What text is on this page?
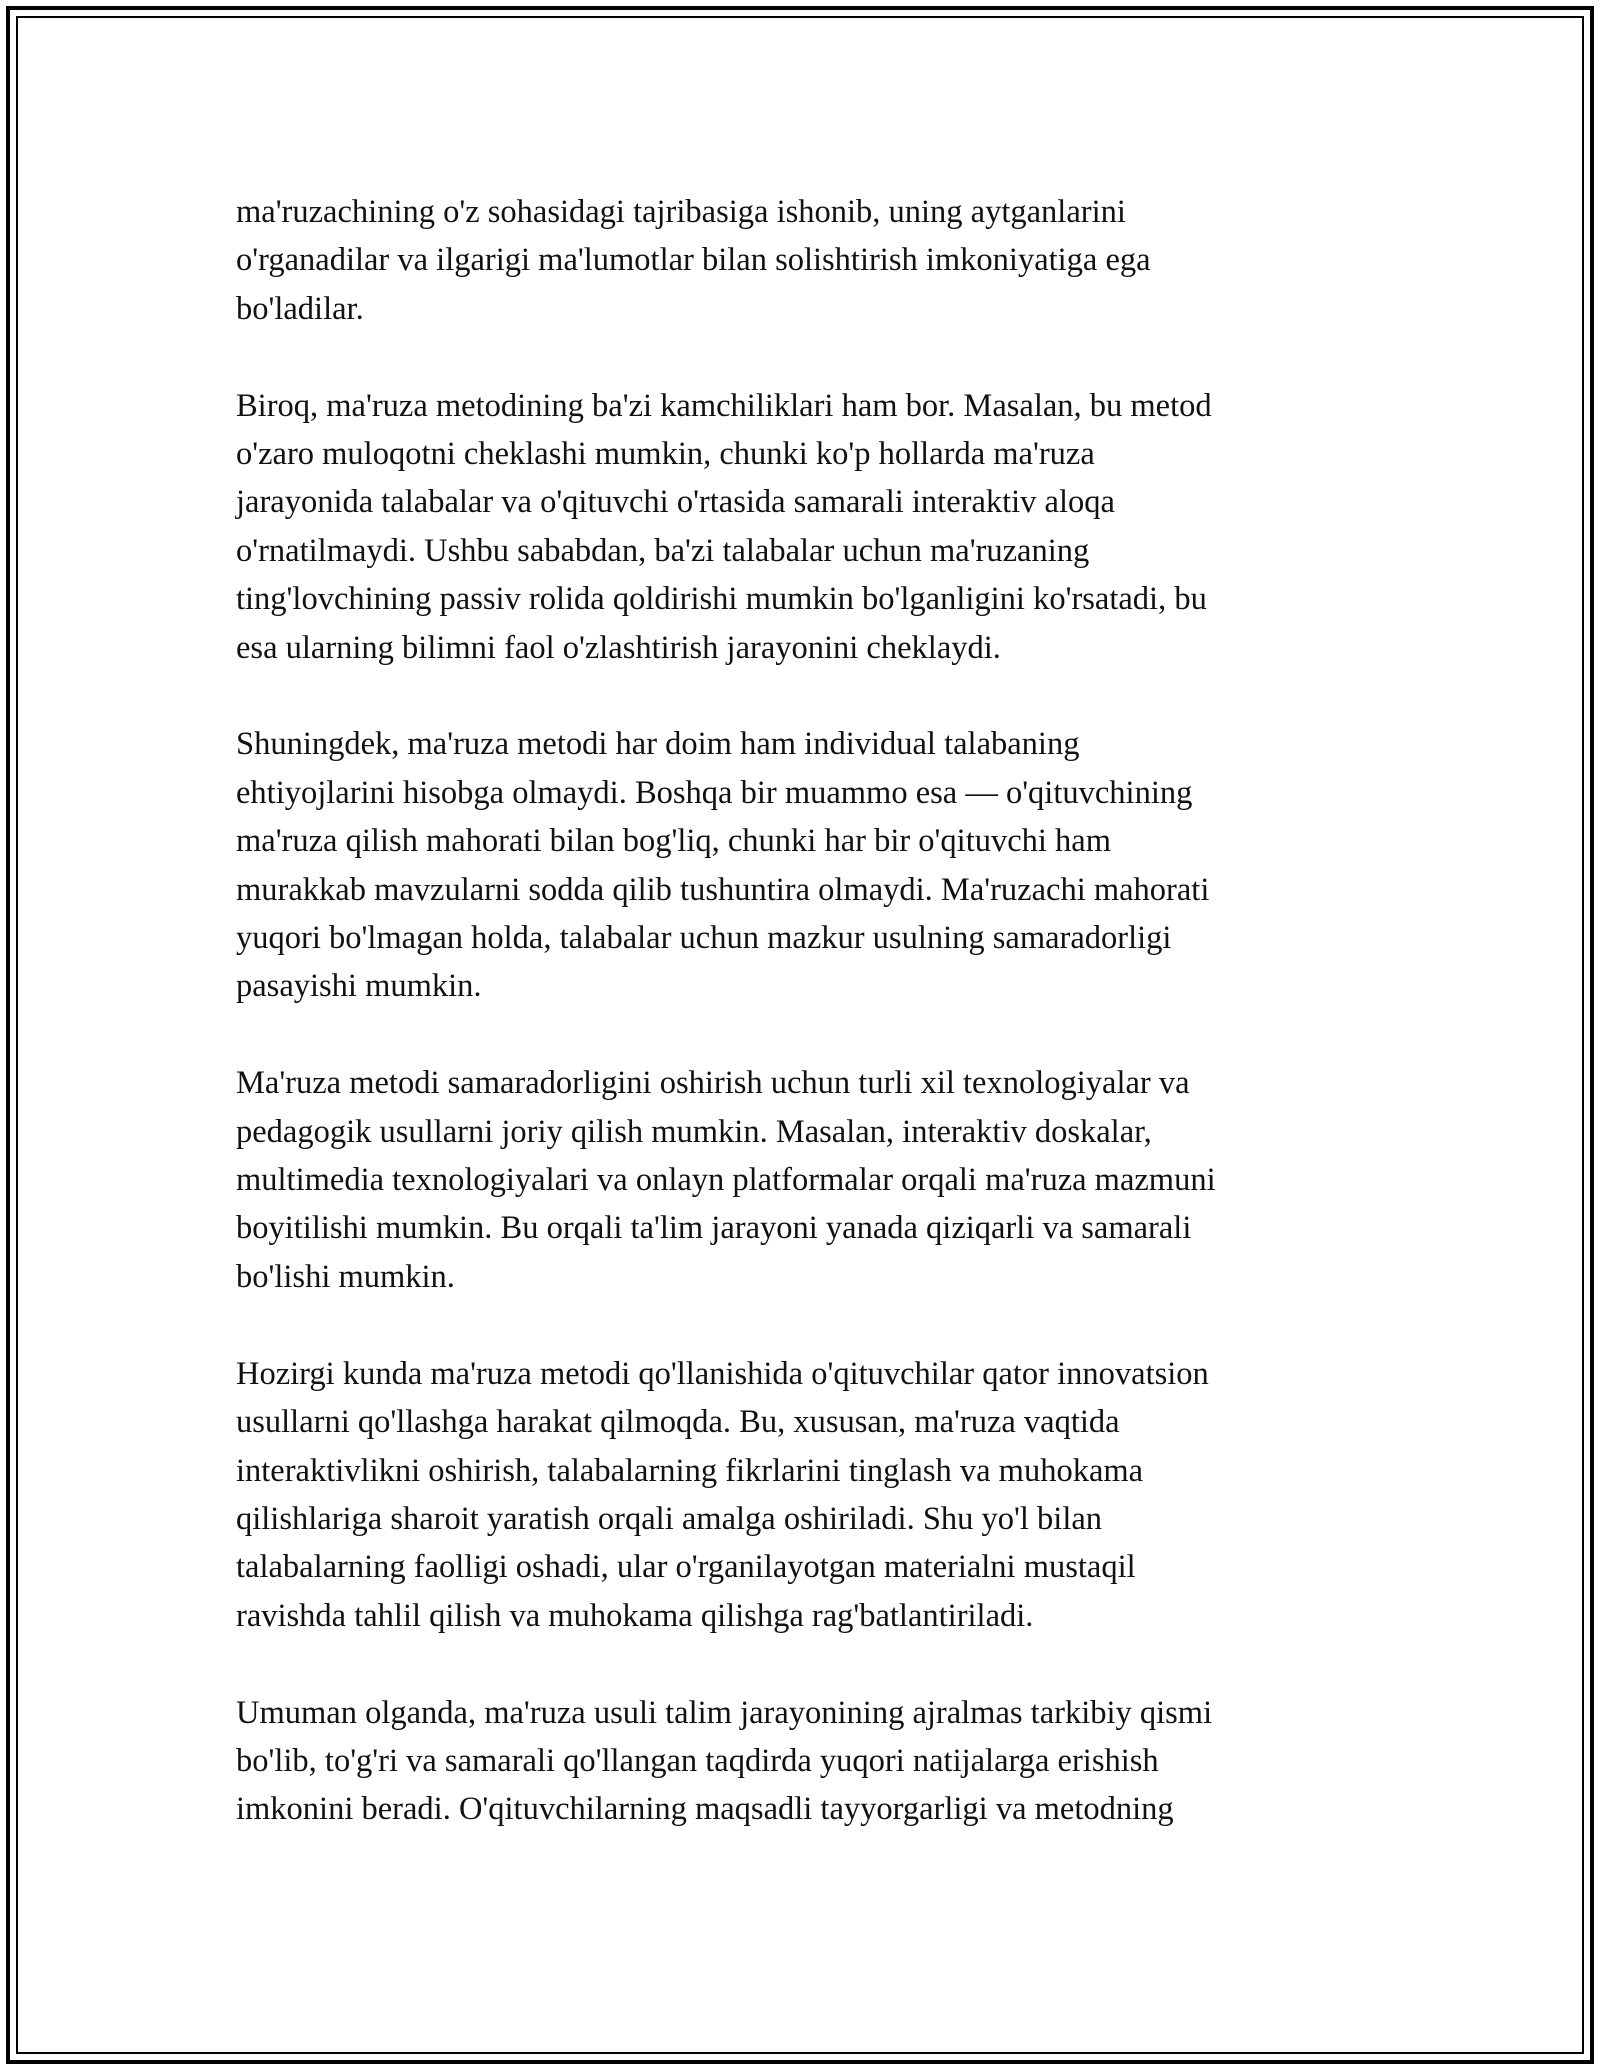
ma'ruzachining o'z sohasidagi tajribasiga ishonib, uning aytganlarini
o'rganadilar va ilgarigi ma'lumotlar bilan solishtirish imkoniyatiga ega
bo'ladilar.

Biroq, ma'ruza metodining ba'zi kamchiliklari ham bor. Masalan, bu metod
o'zaro muloqotni cheklashi mumkin, chunki ko'p hollarda ma'ruza
jarayonida talabalar va o'qituvchi o'rtasida samarali interaktiv aloqa
o'rnatilmaydi. Ushbu sababdan, ba'zi talabalar uchun ma'ruzaning
ting'lovchining passiv rolida qoldirishi mumkin bo'lganligini ko'rsatadi, bu
esa ularning bilimni faol o'zlashtirish jarayonini cheklaydi.

Shuningdek, ma'ruza metodi har doim ham individual talabaning
ehtiyojlarini hisobga olmaydi. Boshqa bir muammo esa — o'qituvchining
ma'ruza qilish mahorati bilan bog'liq, chunki har bir o'qituvchi ham
murakkab mavzularni sodda qilib tushuntira olmaydi. Ma'ruzachi mahorati
yuqori bo'lmagan holda, talabalar uchun mazkur usulning samaradorligi
pasayishi mumkin.

Ma'ruza metodi samaradorligini oshirish uchun turli xil texnologiyalar va
pedagogik usullarni joriy qilish mumkin. Masalan, interaktiv doskalar,
multimedia texnologiyalari va onlayn platformalar orqali ma'ruza mazmuni
boyitilishi mumkin. Bu orqali ta'lim jarayoni yanada qiziqarli va samarali
bo'lishi mumkin.

Hozirgi kunda ma'ruza metodi qo'llanishida o'qituvchilar qator innovatsion
usullarni qo'llashga harakat qilmoqda. Bu, xususan, ma'ruza vaqtida
interaktivlikni oshirish, talabalarning fikrlarini tinglash va muhokama
qilishlariga sharoit yaratish orqali amalga oshiriladi. Shu yo'l bilan
talabalarning faolligi oshadi, ular o'rganilayotgan materialni mustaqil
ravishda tahlil qilish va muhokama qilishga rag'batlantiriladi.

Umuman olganda, ma'ruza usuli talim jarayonining ajralmas tarkibiy qismi
bo'lib, to'g'ri va samarali qo'llangan taqdirda yuqori natijalarga erishish
imkonini beradi. O'qituvchilarning maqsadli tayyorgarligi va metodning
